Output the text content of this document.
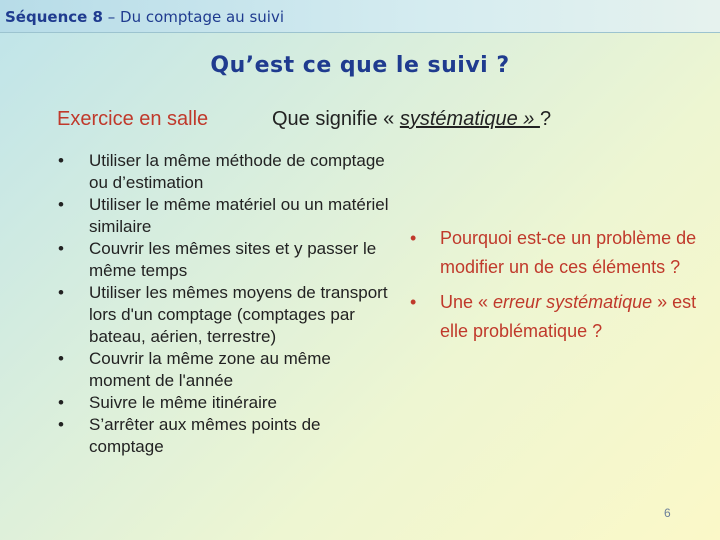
Séquence 8 – Du comptage au suivi
Qu’est ce que le suivi ?
Exercice en salle	Que signifie « systématique » ?
• Utiliser la même méthode de comptage ou d’estimation
• Utiliser le même matériel ou un matériel similaire
• Couvrir les mêmes sites et y passer le même temps
• Utiliser les mêmes moyens de transport lors d'un comptage (comptages par bateau, aérien, terrestre)
• Couvrir la même zone au même moment de l'année
• Suivre le même itinéraire
• S’arrêter aux mêmes points de comptage
• Pourquoi est-ce un problème de modifier un de ces éléments ?
• Une « erreur systématique » est elle problématique ?
6
